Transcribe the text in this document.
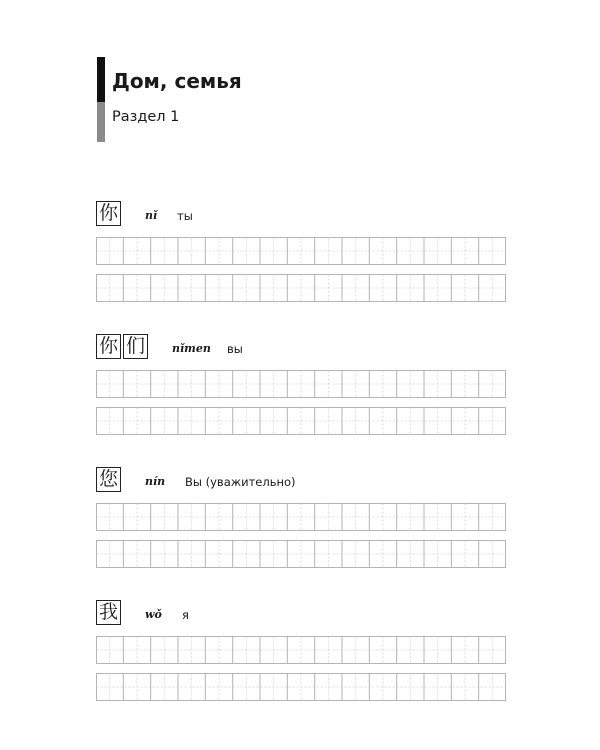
Дом, семья
Раздел 1
你 nǐ ты
你 们 nǐmen вы
您 nín Вы (уважительно)
我 wǒ я
